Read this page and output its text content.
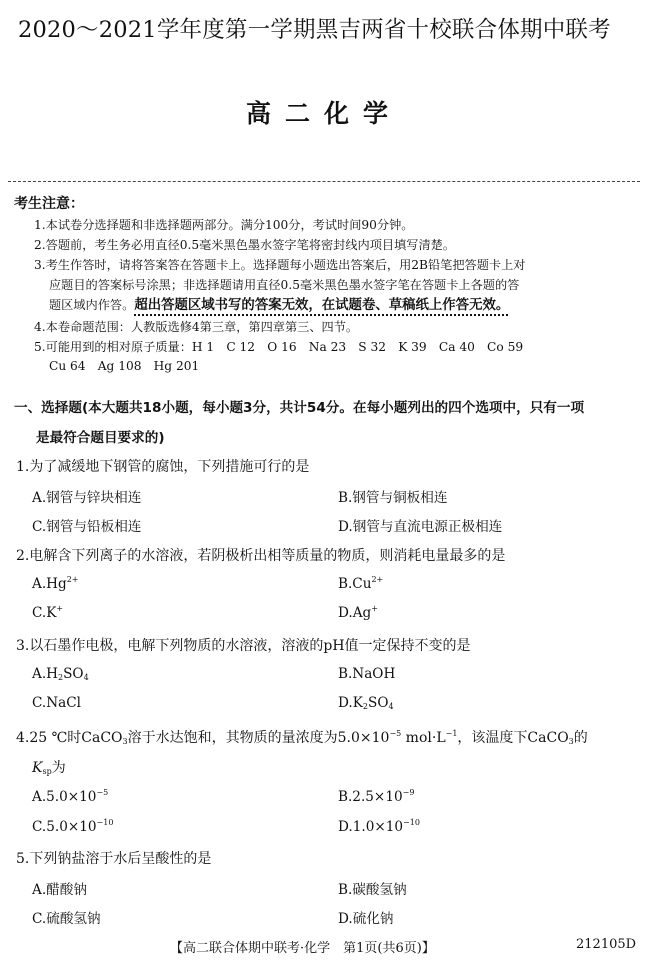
2020～2021学年度第一学期黑吉两省十校联合体期中联考
高二化学
考生注意：
1.本试卷分选择题和非选择题两部分。满分100分，考试时间90分钟。
2.答题前，考生务必用直径0.5毫米黑色墨水签字笔将密封线内项目填写清楚。
3.考生作答时，请将答案答在答题卡上。选择题每小题选出答案后，用2B铅笔把答题卡上对
应题目的答案标号涂黑；非选择题请用直径0.5毫米黑色墨水签字笔在答题卡上各题的答
题区域内作答。超出答题区域书写的答案无效，在试题卷、草稿纸上作答无效。
4.本卷命题范围：人教版选修4第三章，第四章第三、四节。
5.可能用到的相对原子质量：H 1　C 12　O 16　Na 23　S 32　K 39　Ca 40　Co 59
Cu 64　Ag 108　Hg 201
一、选择题(本大题共18小题，每小题3分，共计54分。在每小题列出的四个选项中，只有一项
是最符合题目要求的)
1.为了减缓地下钢管的腐蚀，下列措施可行的是
A.钢管与锌块相连	B.钢管与铜板相连
C.钢管与铅板相连	D.钢管与直流电源正极相连
2.电解含下列离子的水溶液，若阴极析出相等质量的物质，则消耗电量最多的是
$A.Hg^{2+}$	$B.Cu^{2+}$
C.K+	D.Ag+
3.以石墨作电极，电解下列物质的水溶液，溶液的pH值一定保持不变的是
$A.H_2SO_4$	B.NaOH
C.NaCl	$D.K_2SO_4$
4.25 ℃时CaCO$_3$溶于水达饱和，其物质的量浓度为$5.0\times 10^{-5}$ $mol\cdot L^{-1}$，该温度下CaCO$_3$的
$K_{sp}$为
$A.5.0\times 10^{-5}$	$B.2.5\times 10^{-9}$
$C.5.0\times 10^{-10}$	$D.1.0\times 10^{-10}$
5.下列钠盐溶于水后呈酸性的是
A.醋酸钠	B.碳酸氢钠
C.硫酸氢钠	D.硫化钠
【高二联合体期中联考·化学　第1页(共6页)】	212105D
